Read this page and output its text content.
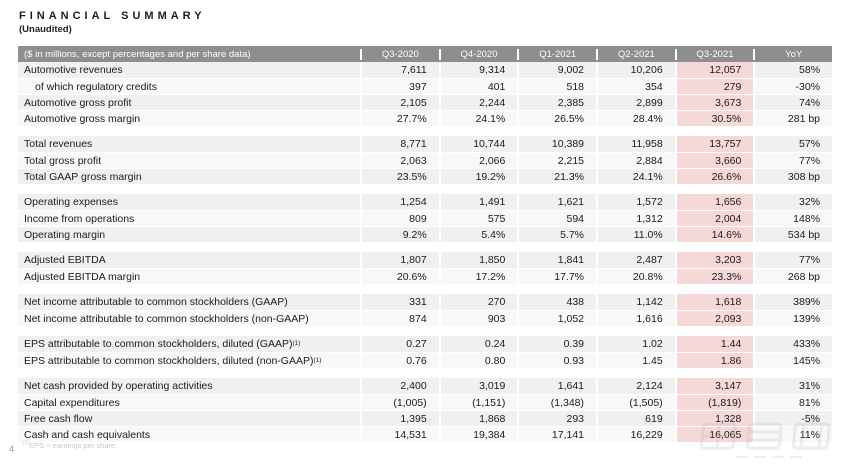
FINANCIAL SUMMARY
(Unaudited)
($ in millions, except percentages and per share data)	Q3-2020	Q4-2020	Q1-2021	Q2-2021	Q3-2021	YoY
Automotive revenues	7,611	9,314	9,002	10,206	12,057	58%
of which regulatory credits	397	401	518	354	279	-30%
Automotive gross profit	2,105	2,244	2,385	2,899	3,673	74%
Automotive gross margin	27.7%	24.1%	26.5%	28.4%	30.5%	281 bp
Total revenues	8,771	10,744	10,389	11,958	13,757	57%
Total gross profit	2,063	2,066	2,215	2,884	3,660	77%
Total GAAP gross margin	23.5%	19.2%	21.3%	24.1%	26.6%	308 bp
Operating expenses	1,254	1,491	1,621	1,572	1,656	32%
Income from operations	809	575	594	1,312	2,004	148%
Operating margin	9.2%	5.4%	5.7%	11.0%	14.6%	534 bp
Adjusted EBITDA	1,807	1,850	1,841	2,487	3,203	77%
Adjusted EBITDA margin	20.6%	17.2%	17.7%	20.8%	23.3%	268 bp
Net income attributable to common stockholders (GAAP)	331	270	438	1,142	1,618	389%
Net income attributable to common stockholders (non-GAAP)	874	903	1,052	1,616	2,093	139%
EPS attributable to common stockholders, diluted (GAAP) (1)	0.27	0.24	0.39	1.02	1.44	433%
EPS attributable to common stockholders, diluted (non-GAAP) (1)	0.76	0.80	0.93	1.45	1.86	145%
Net cash provided by operating activities	2,400	3,019	1,641	2,124	3,147	31%
Capital expenditures	(1,005)	(1,151)	(1,348)	(1,505)	(1,819)	81%
Free cash flow	1,395	1,868	293	619	1,328	-5%
Cash and cash equivalents	14,531	19,384	17,141	16,229	16,065	11%
$^{(1)}$EPS = earnings per share.
4
